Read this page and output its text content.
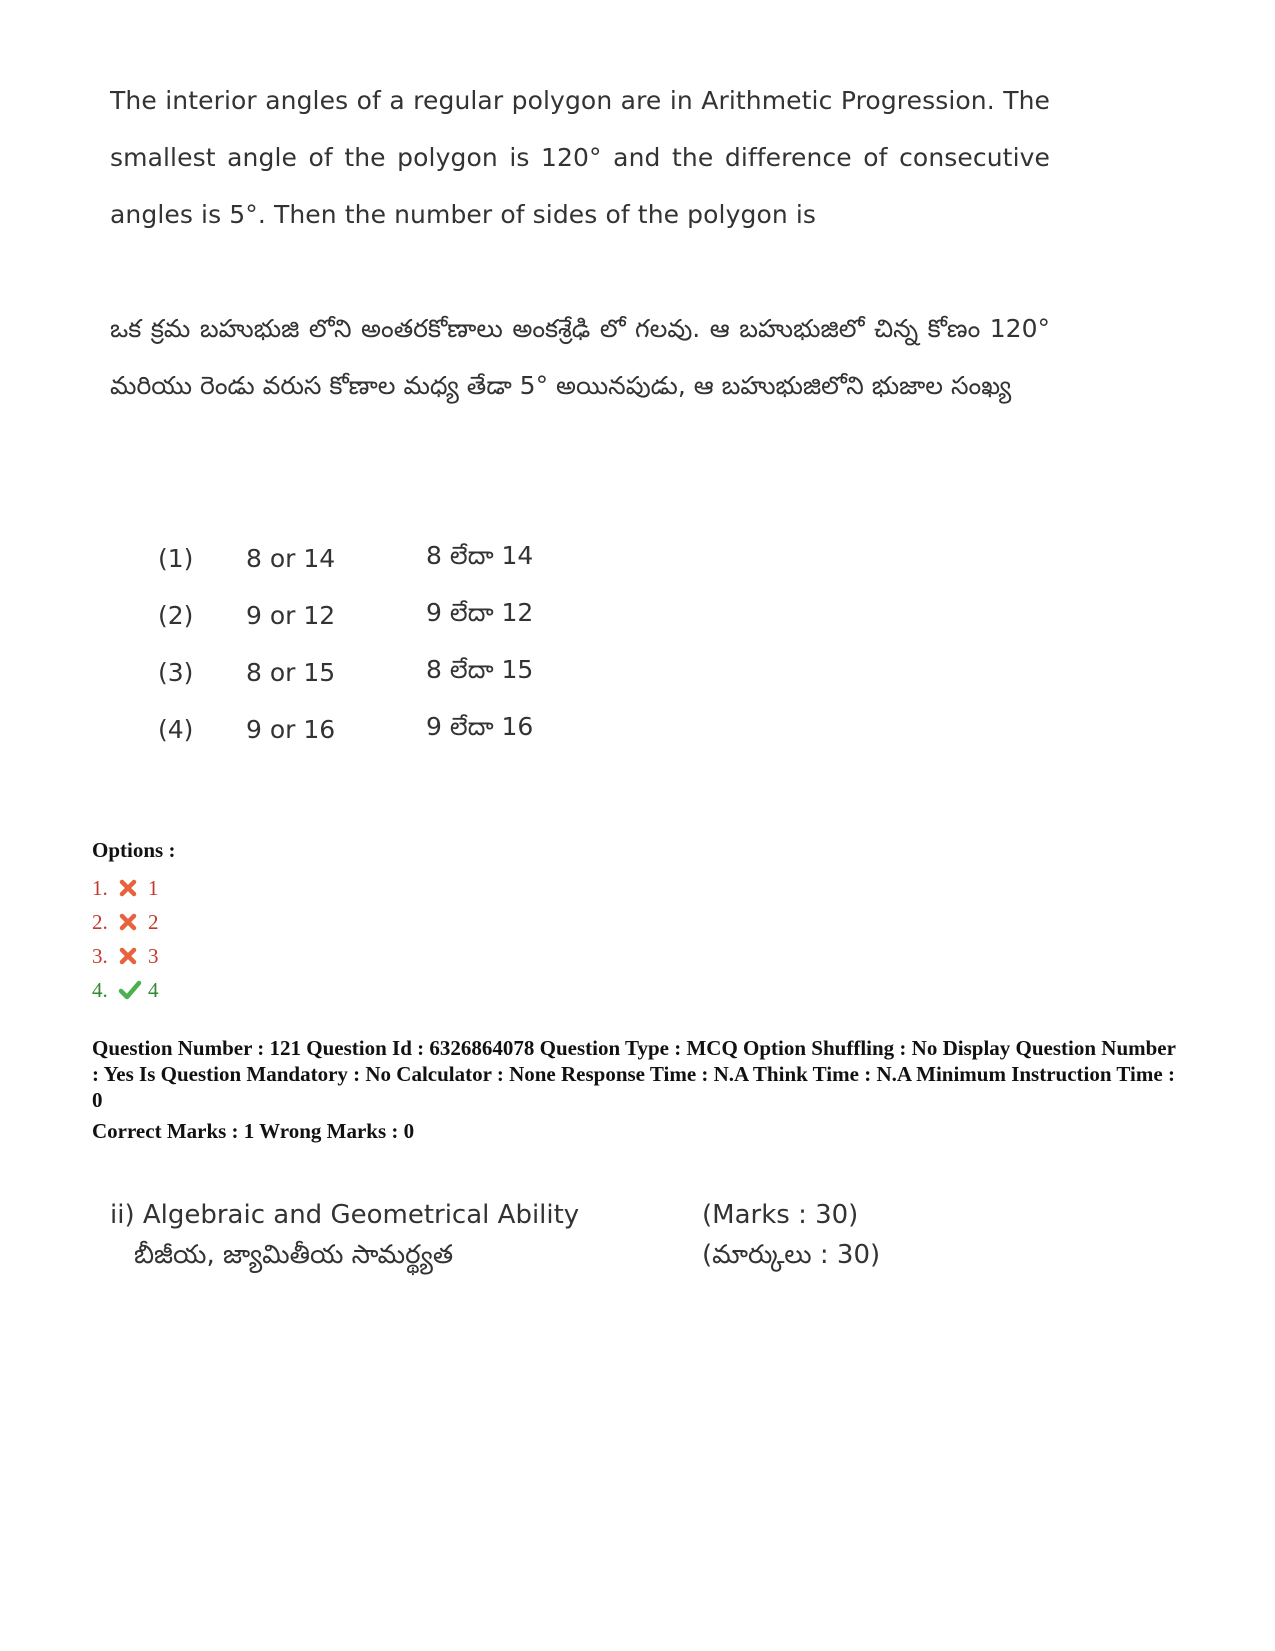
The interior angles of a regular polygon are in Arithmetic Progression. The smallest angle of the polygon is 120° and the difference of consecutive angles is 5°. Then the number of sides of the polygon is

ఒక క్రమ బహుభుజి లోని అంతరకోణాలు అంకశ్రేఢి లో గలవు. ఆ బహుభుజిలో చిన్న కోణం 120° మరియు రెండు వరుస కోణాల మధ్య తేడా 5° అయినపుడు, ఆ బహుభుజిలోని భుజాల సంఖ్య

(1)	8 or 14	8 లేదా 14
(2)	9 or 12	9 లేదా 12
(3)	8 or 15	8 లేదా 15
(4)	9 or 16	9 లేదా 16

Options :

1.	1
2.	2
3.	3
4.	4

Question Number : 121 Question Id : 6326864078 Question Type : MCQ Option Shuffling : No Display Question Number : Yes Is Question Mandatory : No Calculator : None Response Time : N.A Think Time : N.A Minimum Instruction Time : 0

Correct Marks : 1 Wrong Marks : 0

ii) Algebraic and Geometrical Ability	(Marks : 30)
బీజీయ, జ్యామితీయ సామర్థ్యత	(మార్కులు : 30)
